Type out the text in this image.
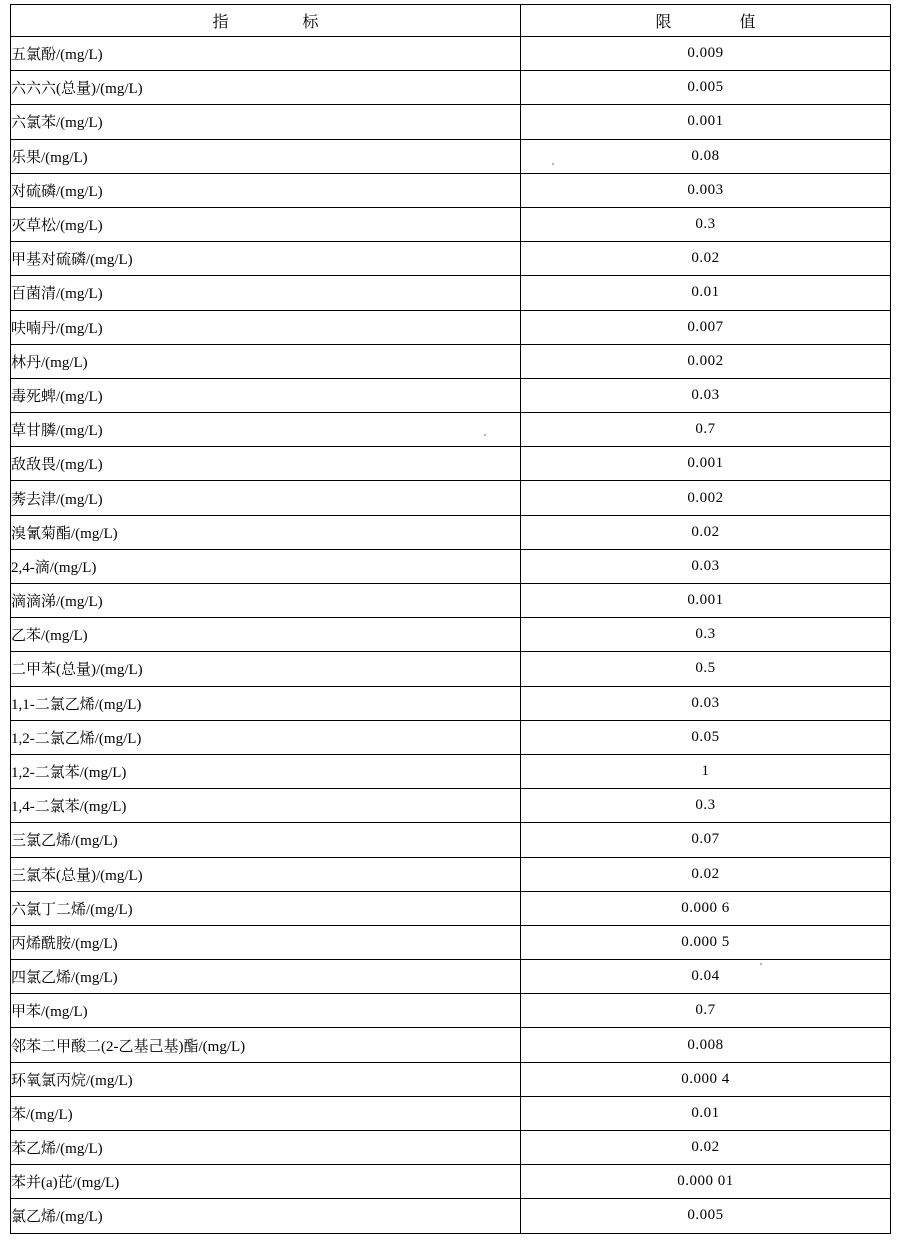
指　　标	限　　值
五氯酚/(mg/L)	0.009
六六六(总量)/(mg/L)	0.005
六氯苯/(mg/L)	0.001
乐果/(mg/L)	0.08
对硫磷/(mg/L)	0.003
灭草松/(mg/L)	0.3
甲基对硫磷/(mg/L)	0.02
百菌清/(mg/L)	0.01
呋喃丹/(mg/L)	0.007
林丹/(mg/L)	0.002
毒死蜱/(mg/L)	0.03
草甘膦/(mg/L)	0.7
敌敌畏/(mg/L)	0.001
莠去津/(mg/L)	0.002
溴氰菊酯/(mg/L)	0.02
2,4-滴/(mg/L)	0.03
滴滴涕/(mg/L)	0.001
乙苯/(mg/L)	0.3
二甲苯(总量)/(mg/L)	0.5
1,1-二氯乙烯/(mg/L)	0.03
1,2-二氯乙烯/(mg/L)	0.05
1,2-二氯苯/(mg/L)	1
1,4-二氯苯/(mg/L)	0.3
三氯乙烯/(mg/L)	0.07
三氯苯(总量)/(mg/L)	0.02
六氯丁二烯/(mg/L)	0.000 6
丙烯酰胺/(mg/L)	0.000 5
四氯乙烯/(mg/L)	0.04
甲苯/(mg/L)	0.7
邻苯二甲酸二(2-乙基己基)酯/(mg/L)	0.008
环氧氯丙烷/(mg/L)	0.000 4
苯/(mg/L)	0.01
苯乙烯/(mg/L)	0.02
苯并(a)芘/(mg/L)	0.000 01
氯乙烯/(mg/L)	0.005
